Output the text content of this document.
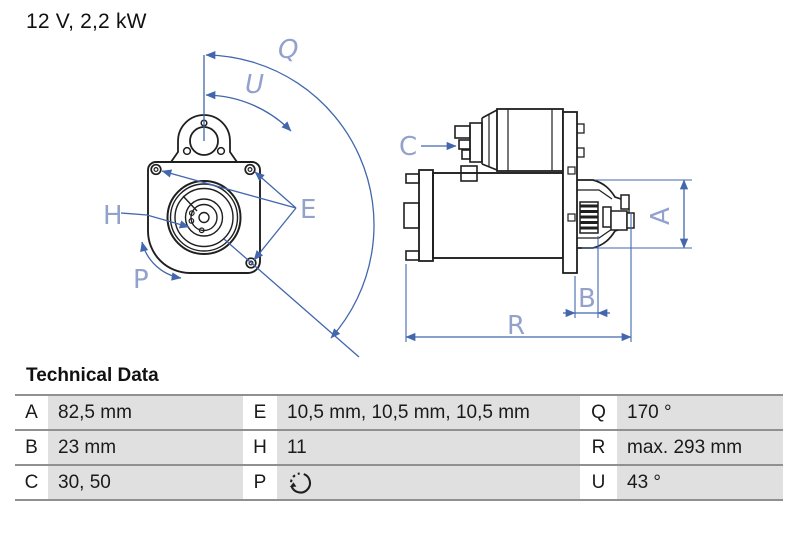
12 V, 2,2 kW
Q
U
H	E
P
C
A
B
R
Technical Data
A	82,5 mm	E	10,5 mm, 10,5 mm, 10,5 mm	Q	170 °
B	23 mm	H	11	R	max. 293 mm
C	30, 50	P	U	43 °
